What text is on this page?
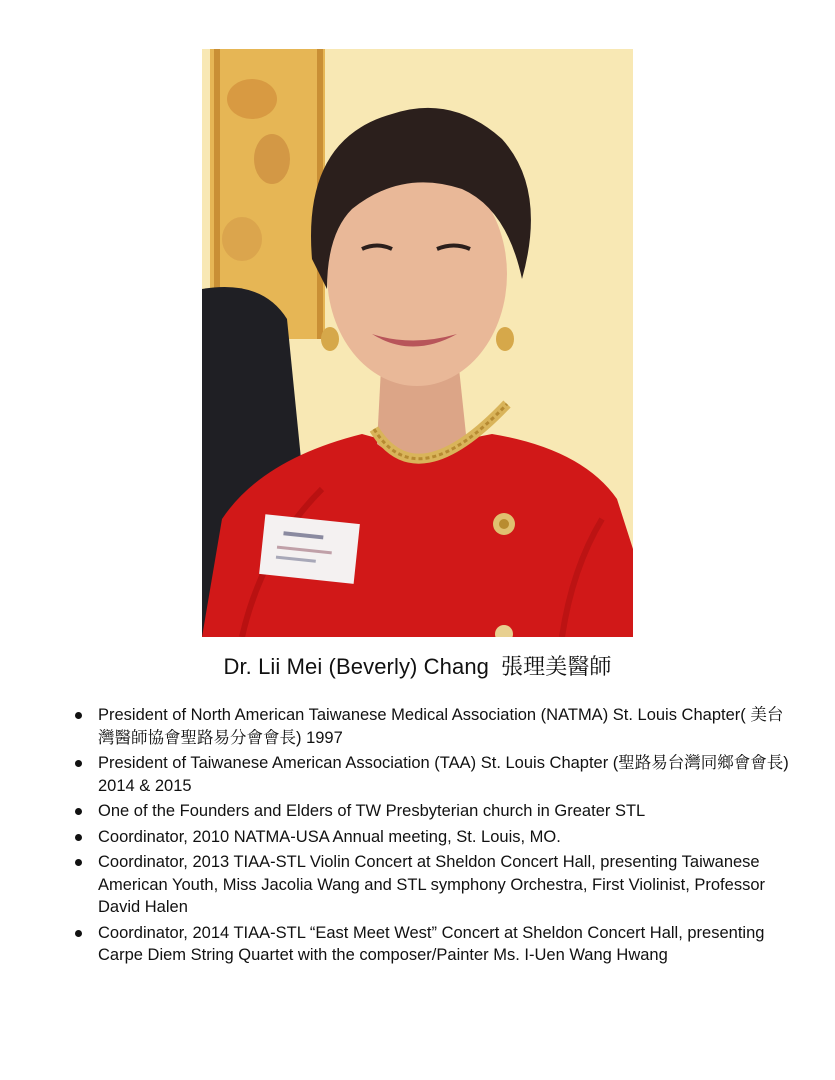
Dr. Lii Mei (Beverly) Chang 張理美醫師
President of North American Taiwanese Medical Association (NATMA) St. Louis Chapter( 美台灣醫師協會聖路易分會會長) 1997
President of Taiwanese American Association (TAA) St. Louis Chapter (聖路易台灣同鄉會會長) 2014 & 2015
One of the Founders and Elders of TW Presbyterian church in Greater STL
Coordinator, 2010 NATMA-USA Annual meeting, St. Louis, MO.
Coordinator, 2013 TIAA-STL Violin Concert at Sheldon Concert Hall, presenting Taiwanese American Youth, Miss Jacolia Wang and STL symphony Orchestra, First Violinist, Professor David Halen
Coordinator, 2014 TIAA-STL “East Meet West” Concert at Sheldon Concert Hall, presenting Carpe Diem String Quartet with the composer/Painter Ms. I-Uen Wang Hwang
